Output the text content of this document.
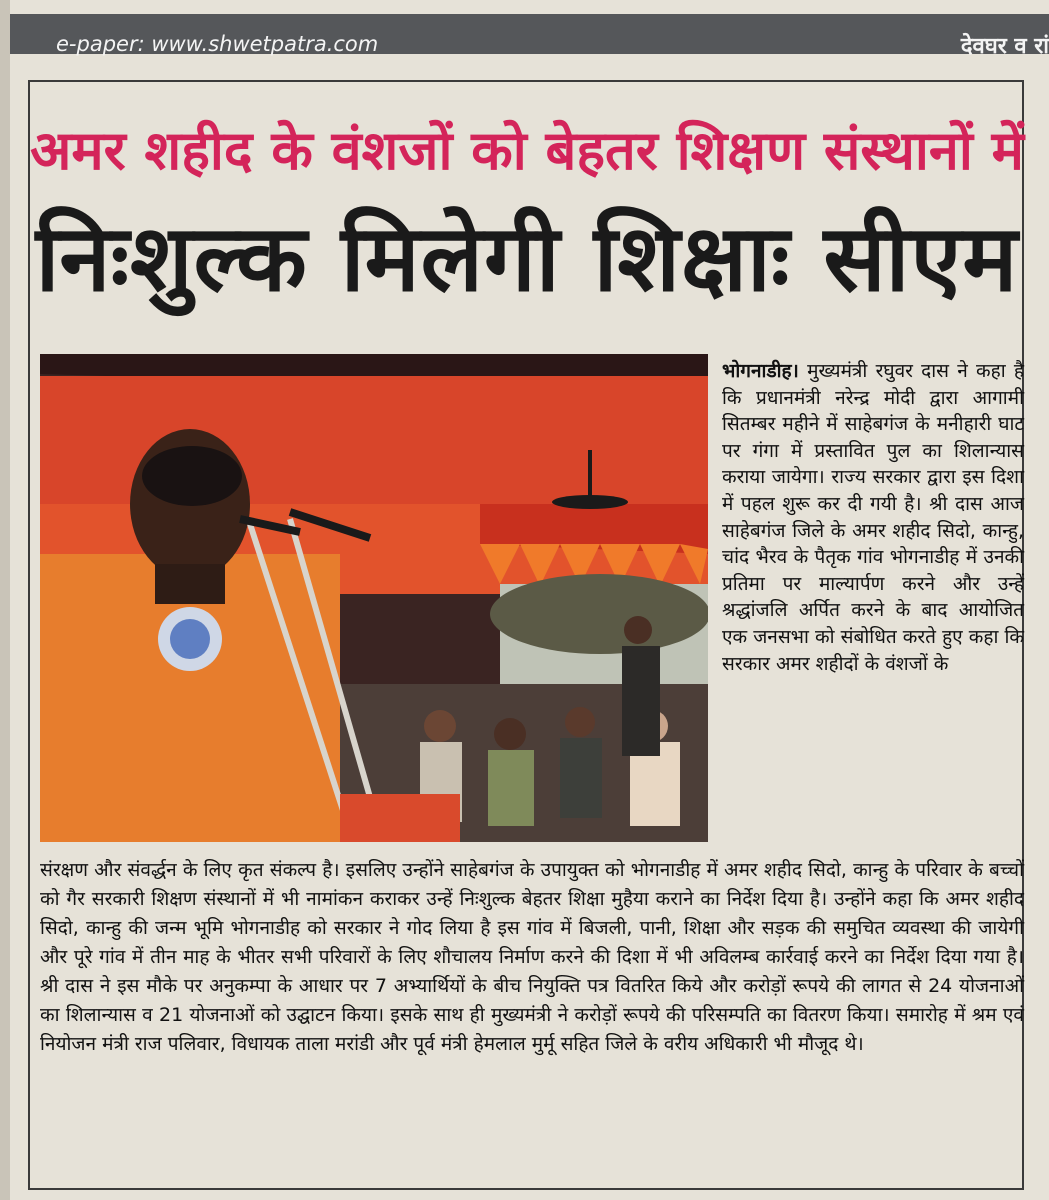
e-paper: www.shwetpatra.com	देवघर व रां
अमर शहीद के वंशजों को बेहतर शिक्षण संस्थानों में
निःशुल्क मिलेगी शिक्षाः सीएम
भोगनाडीह। मुख्यमंत्री रघुवर दास ने कहा है कि प्रधानमंत्री नरेन्द्र मोदी द्वारा आगामी सितम्बर महीने में साहेबगंज के मनीहारी घाट पर गंगा में प्रस्तावित पुल का शिलान्यास कराया जायेगा। राज्य सरकार द्वारा इस दिशा में पहल शुरू कर दी गयी है। श्री दास आज साहेबगंज जिले के अमर शहीद सिदो, कान्हु, चांद भैरव के पैतृक गांव भोगनाडीह में उनकी प्रतिमा पर माल्यार्पण करने और उन्हें श्रद्धांजलि अर्पित करने के बाद आयोजित एक जनसभा को संबोधित करते हुए कहा कि सरकार अमर शहीदों के वंशजों के
संरक्षण और संवर्द्धन के लिए कृत संकल्प है। इसलिए उन्होंने साहेबगंज के उपायुक्त को भोगनाडीह में अमर शहीद सिदो, कान्हु के परिवार के बच्चों को गैर सरकारी शिक्षण संस्थानों में भी नामांकन कराकर उन्हें निःशुल्क बेहतर शिक्षा मुहैया कराने का निर्देश दिया है। उन्होंने कहा कि अमर शहीद सिदो, कान्हु की जन्म भूमि भोगनाडीह को सरकार ने गोद लिया है इस गांव में बिजली, पानी, शिक्षा और सड़क की समुचित व्यवस्था की जायेगी और पूरे गांव में तीन माह के भीतर सभी परिवारों के लिए शौचालय निर्माण करने की दिशा में भी अविलम्ब कार्रवाई करने का निर्देश दिया गया है। श्री दास ने इस मौके पर अनुकम्पा के आधार पर 7 अभ्यार्थियों के बीच नियुक्ति पत्र वितरित किये और करोड़ों रूपये की लागत से 24 योजनाओं का शिलान्यास व 21 योजनाओं को उद्घाटन किया। इसके साथ ही मुख्यमंत्री ने करोड़ों रूपये की परिसम्पति का वितरण किया। समारोह में श्रम एवं नियोजन मंत्री राज पलिवार, विधायक ताला मरांडी और पूर्व मंत्री हेमलाल मुर्मू सहित जिले के वरीय अधिकारी भी मौजूद थे।
